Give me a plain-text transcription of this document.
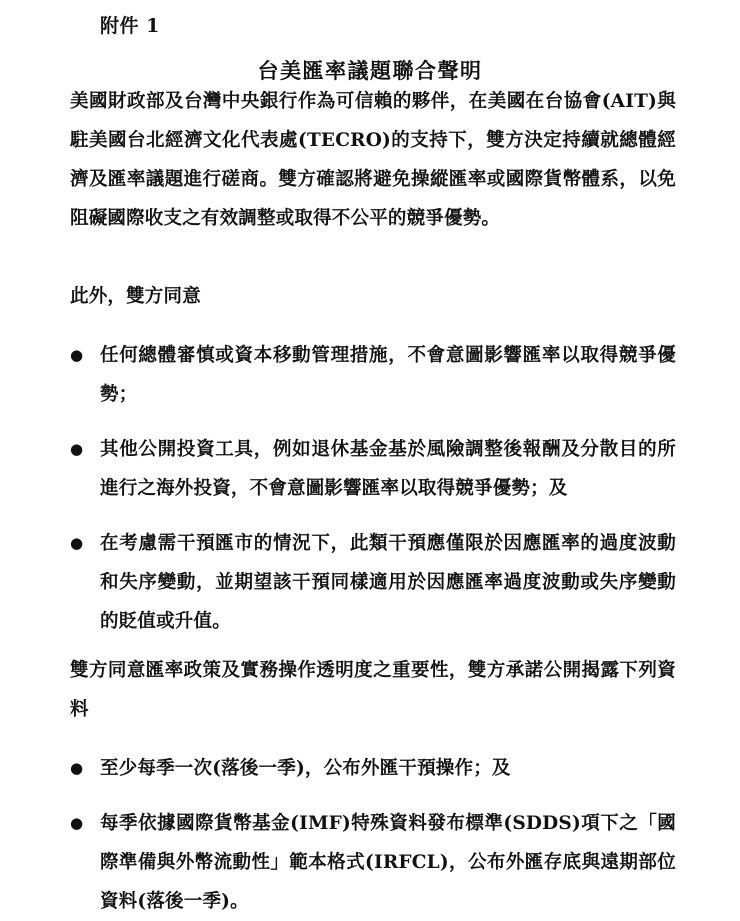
附件 1
台美匯率議題聯合聲明

美國財政部及台灣中央銀行作為可信賴的夥伴，在美國在台協會(AIT)與駐美國台北經濟文化代表處(TECRO)的支持下，雙方決定持續就總體經濟及匯率議題進行磋商。雙方確認將避免操縱匯率或國際貨幣體系，以免阻礙國際收支之有效調整或取得不公平的競爭優勢。

此外，雙方同意

● 任何總體審慎或資本移動管理措施，不會意圖影響匯率以取得競爭優勢；
● 其他公開投資工具，例如退休基金基於風險調整後報酬及分散目的所進行之海外投資，不會意圖影響匯率以取得競爭優勢；及
● 在考慮需干預匯市的情況下，此類干預應僅限於因應匯率的過度波動和失序變動，並期望該干預同樣適用於因應匯率過度波動或失序變動的貶值或升值。

雙方同意匯率政策及實務操作透明度之重要性，雙方承諾公開揭露下列資料

● 至少每季一次(落後一季)，公布外匯干預操作；及
● 每季依據國際貨幣基金(IMF)特殊資料發布標準(SDDS)項下之「國際準備與外幣流動性」範本格式(IRFCL)，公布外匯存底與遠期部位資料(落後一季)。
